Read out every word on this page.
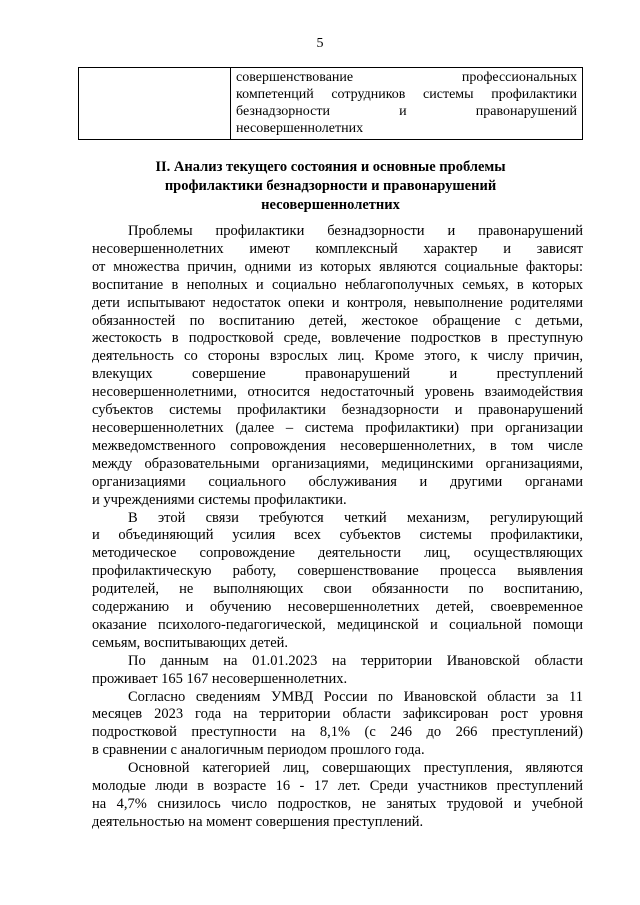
5

совершенствование профессиональных
компетенций сотрудников системы профилактики
безнадзорности и правонарушений
несовершеннолетних
II. Анализ текущего состояния и основные проблемы
профилактики безнадзорности и правонарушений
несовершеннолетних

Проблемы профилактики безнадзорности и правонарушений
несовершеннолетних имеют комплексный характер и зависят
от множества причин, одними из которых являются социальные факторы:
воспитание в неполных и социально неблагополучных семьях, в которых
дети испытывают недостаток опеки и контроля, невыполнение родителями
обязанностей по воспитанию детей, жестокое обращение с детьми,
жестокость в подростковой среде, вовлечение подростков в преступную
деятельность со стороны взрослых лиц. Кроме этого, к числу причин,
влекущих совершение правонарушений и преступлений
несовершеннолетними, относится недостаточный уровень взаимодействия
субъектов системы профилактики безнадзорности и правонарушений
несовершеннолетних (далее – система профилактики) при организации
межведомственного сопровождения несовершеннолетних, в том числе
между образовательными организациями, медицинскими организациями,
организациями социального обслуживания и другими органами
и учреждениями системы профилактики.

В этой связи требуются четкий механизм, регулирующий
и объединяющий усилия всех субъектов системы профилактики,
методическое сопровождение деятельности лиц, осуществляющих
профилактическую работу, совершенствование процесса выявления
родителей, не выполняющих свои обязанности по воспитанию,
содержанию и обучению несовершеннолетних детей, своевременное
оказание психолого-педагогической, медицинской и социальной помощи
семьям, воспитывающих детей.

По данным на 01.01.2023 на территории Ивановской области
проживает 165 167 несовершеннолетних.

Согласно сведениям УМВД России по Ивановской области за 11
месяцев 2023 года на территории области зафиксирован рост уровня
подростковой преступности на 8,1% (с 246 до 266 преступлений)
в сравнении с аналогичным периодом прошлого года.

Основной категорией лиц, совершающих преступления, являются
молодые люди в возрасте 16 - 17 лет. Среди участников преступлений
на 4,7% снизилось число подростков, не занятых трудовой и учебной
деятельностью на момент совершения преступлений.
